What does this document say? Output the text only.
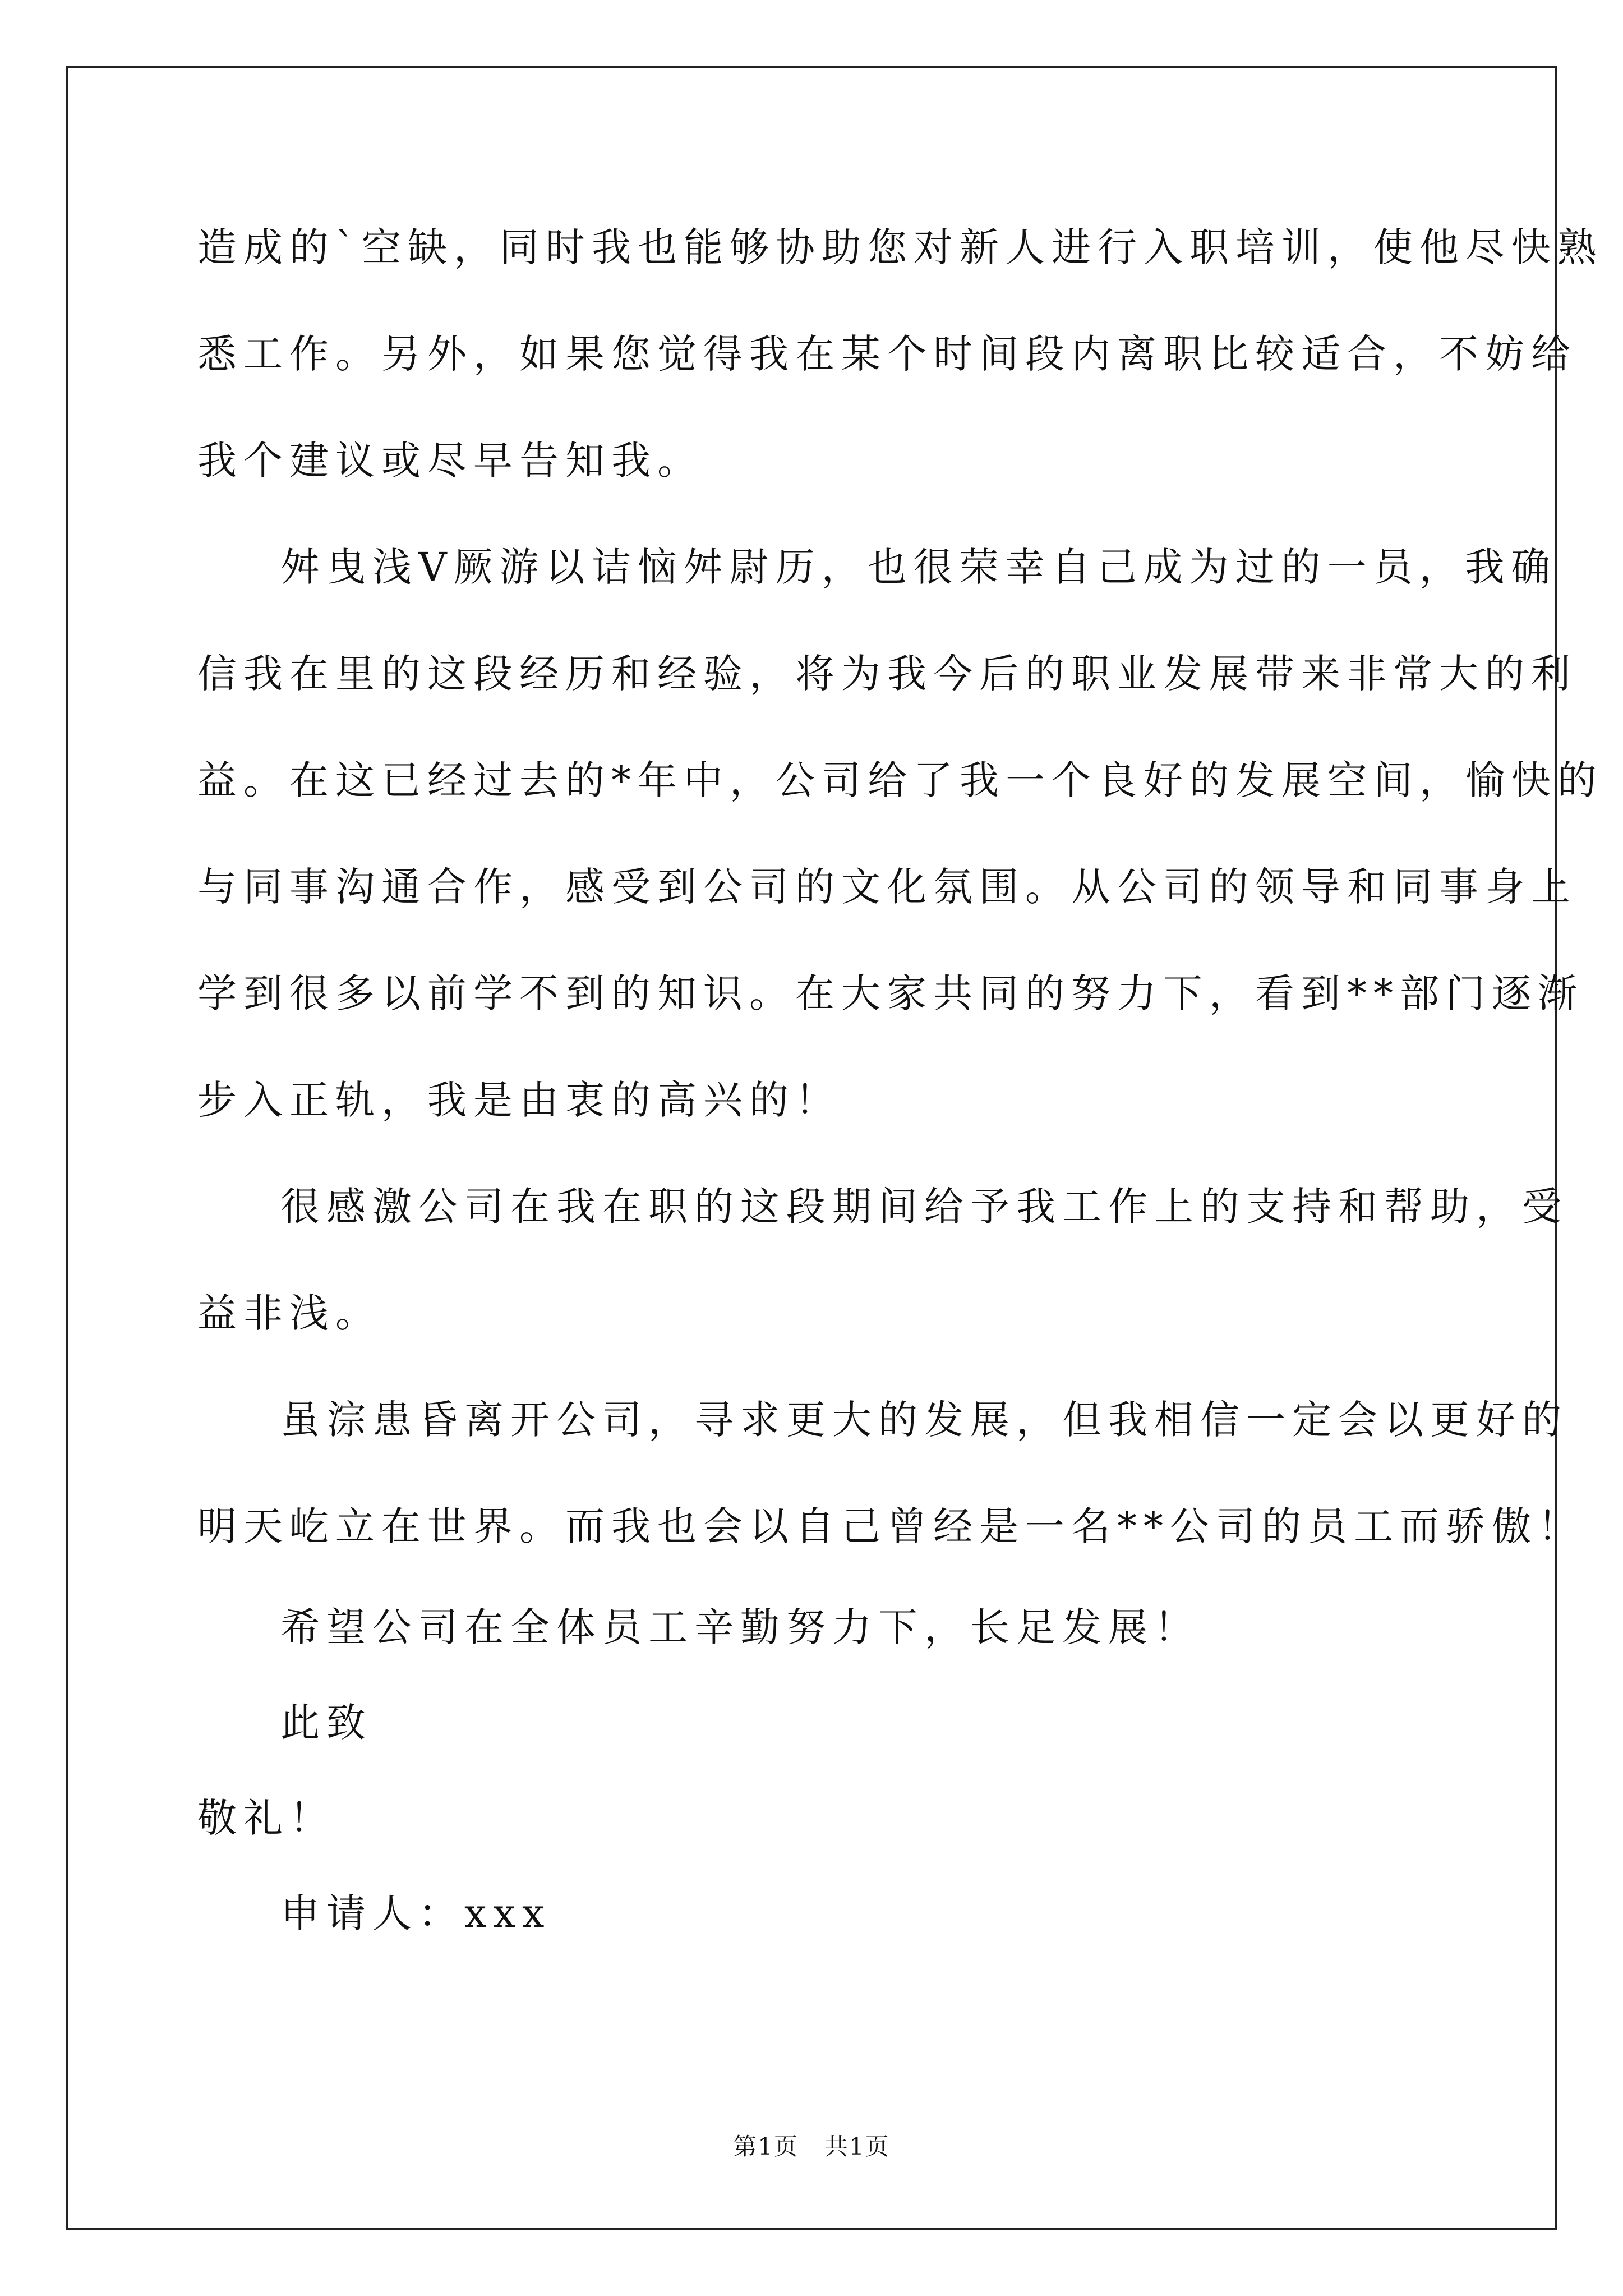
造成的`空缺，同时我也能够协助您对新人进行入职培训，使他尽快熟
悉工作。另外，如果您觉得我在某个时间段内离职比较适合，不妨给
我个建议或尽早告知我。
舛曳浅Ⅴ厥游以诘恼舛尉历，也很荣幸自己成为过的一员，我确
信我在里的这段经历和经验，将为我今后的职业发展带来非常大的利
益。在这已经过去的*年中，公司给了我一个良好的发展空间，愉快的
与同事沟通合作，感受到公司的文化氛围。从公司的领导和同事身上
学到很多以前学不到的知识。在大家共同的努力下，看到**部门逐渐
步入正轨，我是由衷的高兴的！
很感激公司在我在职的这段期间给予我工作上的支持和帮助，受
益非浅。
虽淙患昏离开公司，寻求更大的发展，但我相信一定会以更好的
明天屹立在世界。而我也会以自己曾经是一名**公司的员工而骄傲！
希望公司在全体员工辛勤努力下，长足发展！
此致
敬礼！
申请人：xxx
第1页   共1页
